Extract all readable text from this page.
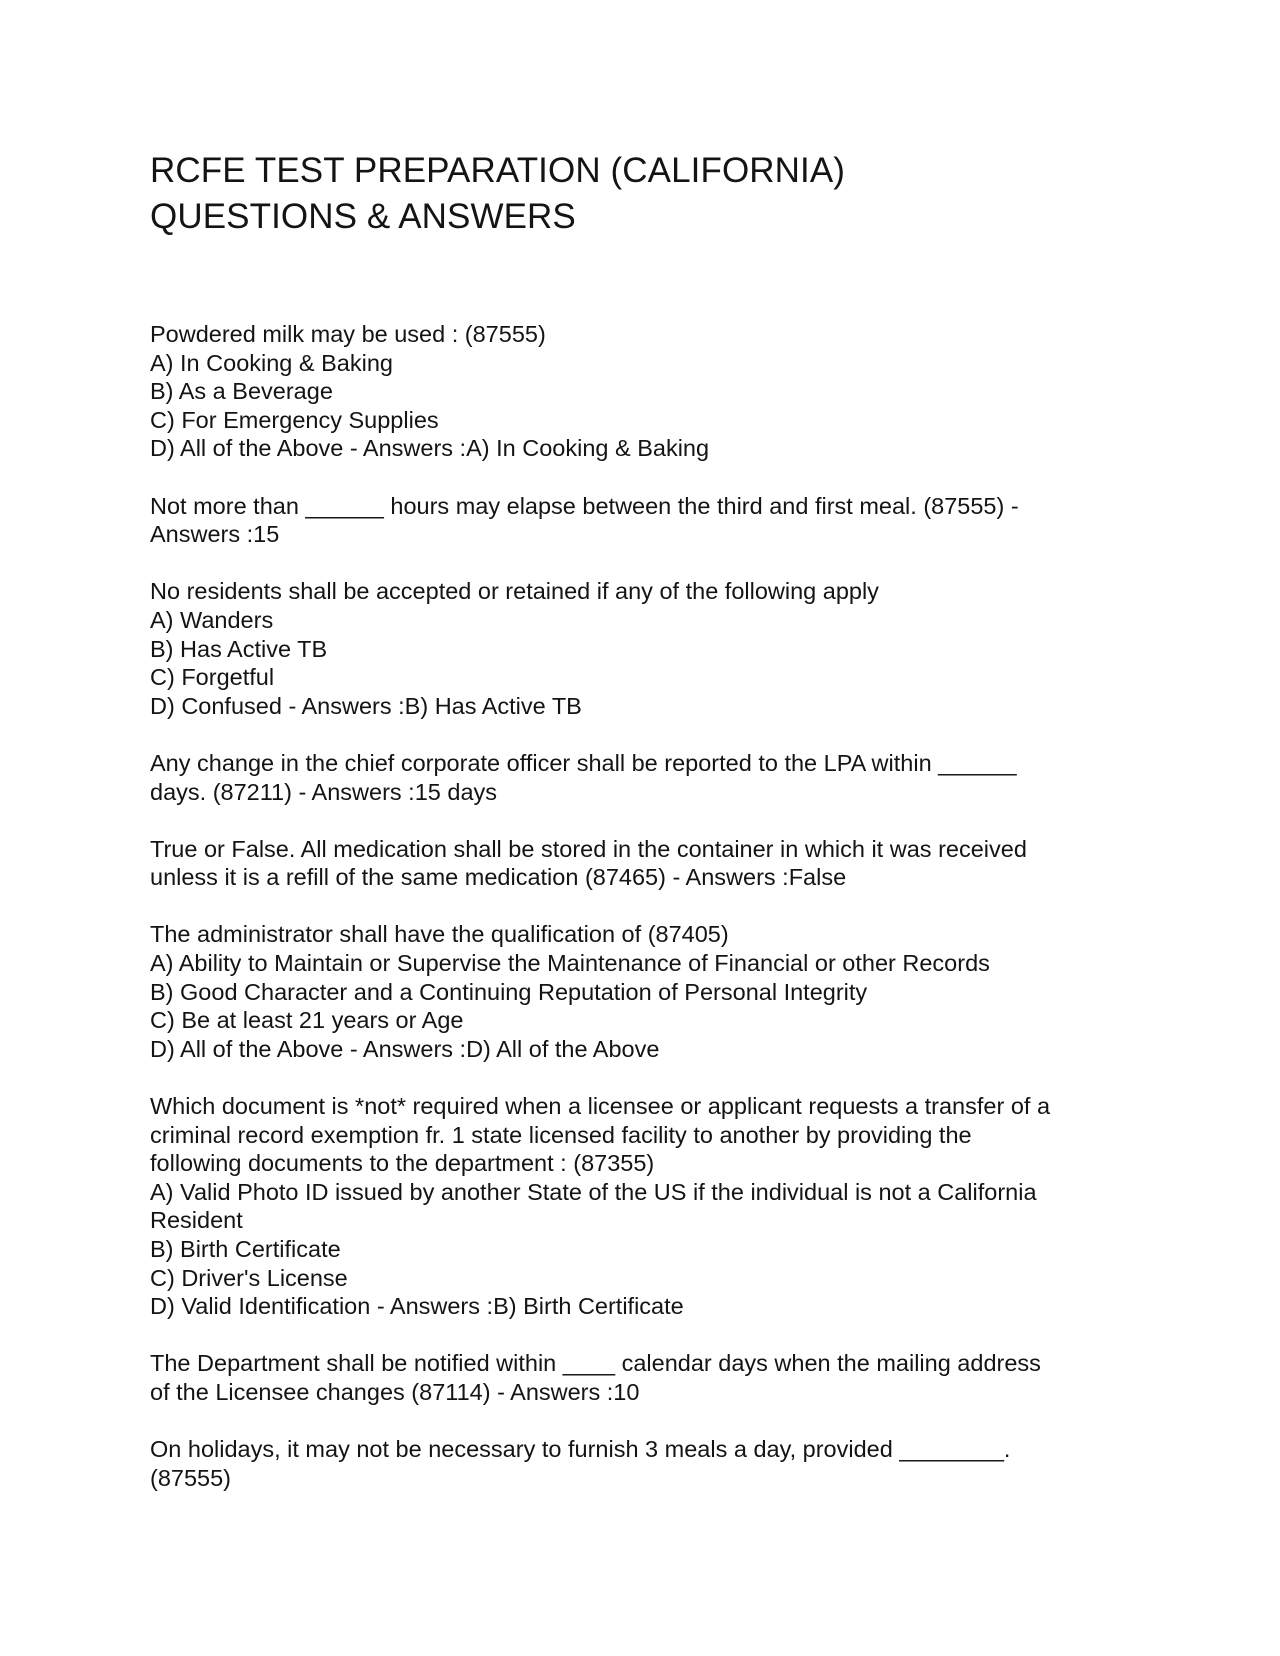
RCFE TEST PREPARATION (CALIFORNIA)
QUESTIONS & ANSWERS
Powdered milk may be used : (87555)
A) In Cooking & Baking
B) As a Beverage
C) For Emergency Supplies
D) All of the Above - Answers :A) In Cooking & Baking
Not more than ______ hours may elapse between the third and first meal. (87555) -
Answers :15
No residents shall be accepted or retained if any of the following apply
A) Wanders
B) Has Active TB
C) Forgetful
D) Confused - Answers :B) Has Active TB
Any change in the chief corporate officer shall be reported to the LPA within ______
days. (87211) - Answers :15 days
True or False. All medication shall be stored in the container in which it was received
unless it is a refill of the same medication (87465) - Answers :False
The administrator shall have the qualification of (87405)
A) Ability to Maintain or Supervise the Maintenance of Financial or other Records
B) Good Character and a Continuing Reputation of Personal Integrity
C) Be at least 21 years or Age
D) All of the Above - Answers :D) All of the Above
Which document is *not* required when a licensee or applicant requests a transfer of a
criminal record exemption fr. 1 state licensed facility to another by providing the
following documents to the department : (87355)
A) Valid Photo ID issued by another State of the US if the individual is not a California
Resident
B) Birth Certificate
C) Driver's License
D) Valid Identification - Answers :B) Birth Certificate
The Department shall be notified within ____ calendar days when the mailing address
of the Licensee changes (87114) - Answers :10
On holidays, it may not be necessary to furnish 3 meals a day, provided ________.
(87555)
